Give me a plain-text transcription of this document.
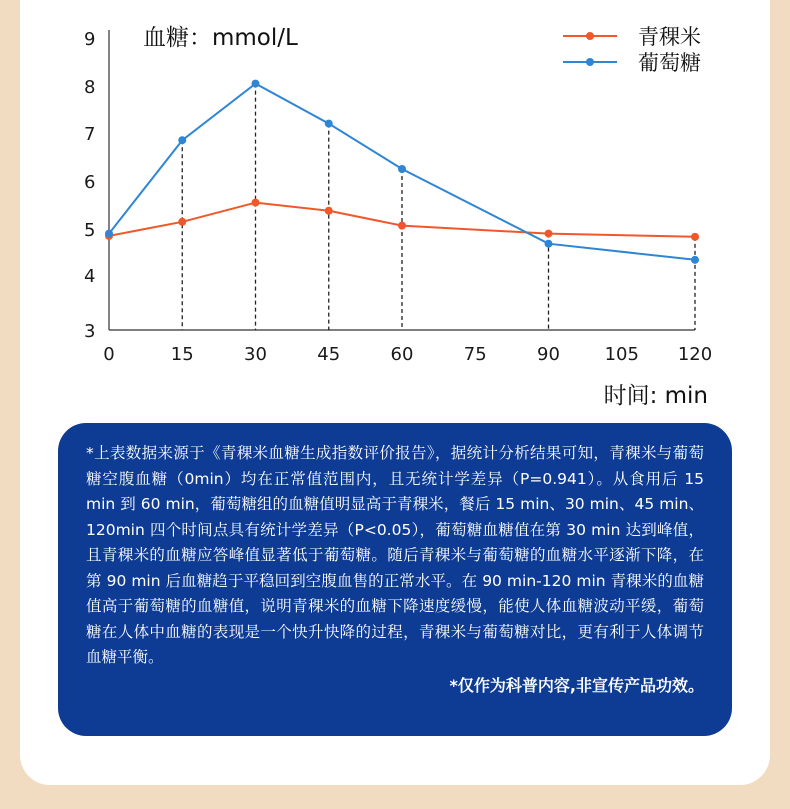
3
4
5
6
7
8
9
0	15	30	45	60	75	90 105 120
血糖：mmol/L	青稞米
葡萄糖
时间: min

*上表数据来源于《青稞米血糖生成指数评价报告》，据统计分析结果可知，青稞米与葡萄糖空腹血糖（0min）均在正常值范围内，且无统计学差异（P=0.941）。从食用后 15 min 到 60 min，葡萄糖组的血糖值明显高于青稞米，餐后 15 min、30 min、45 min、120min 四个时间点具有统计学差异（P<0.05），葡萄糖血糖值在第 30 min 达到峰值，且青稞米的血糖应答峰值显著低于葡萄糖。随后青稞米与葡萄糖的血糖水平逐渐下降，在第 90 min 后血糖趋于平稳回到空腹血售的正常水平。在 90 min-120 min 青稞米的血糖值高于葡萄糖的血糖值，说明青稞米的血糖下降速度缓慢，能使人体血糖波动平缓，葡萄糖在人体中血糖的表现是一个快升快降的过程，青稞米与葡萄糖对比，更有利于人体调节血糖平衡。

*仅作为科普内容,非宣传产品功效。
